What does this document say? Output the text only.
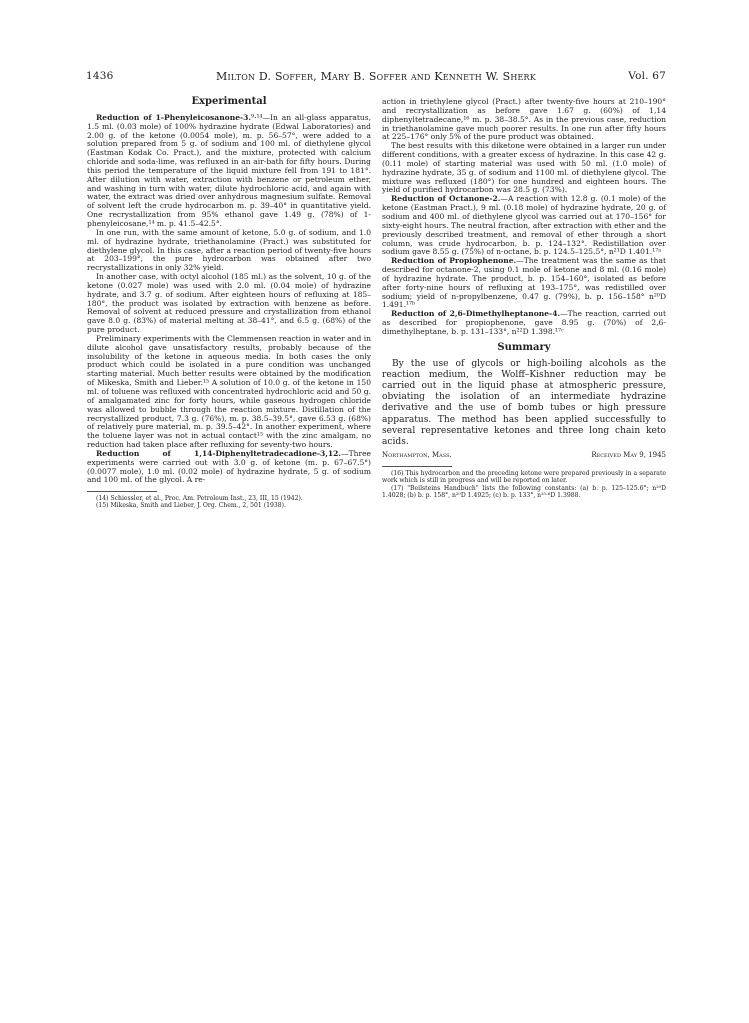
1436	Milton D. Soffer, Mary B. Soffer and Kenneth W. Sherk	Vol. 67
Experimental

Reduction of 1-Phenyleicosanone-3.⁹·¹⁴—In an all-glass apparatus, 1.5 ml. (0.03 mole) of 100% hydrazine hydrate (Edwal Laboratories) and 2.00 g. of the ketone (0.0054 mole), m. p. 56–57°, were added to a solution prepared from 5 g. of sodium and 100 ml. of diethylene glycol (Eastman Kodak Co. Pract.), and the mixture, protected with calcium chloride and soda-lime, was refluxed in an air-bath for fifty hours. During this period the temperature of the liquid mixture fell from 191 to 181°. After dilution with water, extraction with benzene or petroleum ether, and washing in turn with water, dilute hydrochloric acid, and again with water, the extract was dried over anhydrous magnesium sulfate. Removal of solvent left the crude hydrocarbon m. p. 39–40° in quantitative yield. One recrystallization from 95% ethanol gave 1.49 g. (78%) of 1-phenyleicosane,¹⁴ m. p. 41.5–42.5°.

In one run, with the same amount of ketone, 5.0 g. of sodium, and 1.0 ml. of hydrazine hydrate, triethanolamine (Pract.) was substituted for diethylene glycol. In this case, after a reaction period of twenty-five hours at 203–199°, the pure hydrocarbon was obtained after two recrystallizations in only 32% yield.

In another case, with octyl alcohol (185 ml.) as the solvent, 10 g. of the ketone (0.027 mole) was used with 2.0 ml. (0.04 mole) of hydrazine hydrate, and 3.7 g. of sodium. After eighteen hours of refluxing at 185–180°, the product was isolated by extraction with benzene as before. Removal of solvent at reduced pressure and crystallization from ethanol gave 8.0 g. (83%) of material melting at 38–41°, and 6.5 g. (68%) of the pure product.

Preliminary experiments with the Clemmensen reaction in water and in dilute alcohol gave unsatisfactory results, probably because of the insolubility of the ketone in aqueous media. In both cases the only product which could be isolated in a pure condition was unchanged starting material. Much better results were obtained by the modification of Mikeska, Smith and Lieber.¹⁵ A solution of 10.0 g. of the ketone in 150 ml. of toluene was refluxed with concentrated hydrochloric acid and 50 g. of amalgamated zinc for forty hours, while gaseous hydrogen chloride was allowed to bubble through the reaction mixture. Distillation of the recrystallized product, 7.3 g. (76%), m. p. 38.5–39.5°, gave 6.53 g. (68%) of relatively pure material, m. p. 39.5–42°. In another experiment, where the toluene layer was not in actual contact¹⁵ with the zinc amalgam, no reduction had taken place after refluxing for seventy-two hours.

Reduction of 1,14-Diphenyltetradecadione-3,12.—Three experiments were carried out with 3.0 g. of ketone (m. p. 67–67.5°) (0.0077 mole), 1.0 ml. (0.02 mole) of hydrazine hydrate, 5 g. of sodium and 100 ml. of the glycol. A re-

(14) Schiessler, et al., Proc. Am. Petroleum Inst., 23, III, 15 (1942).

(15) Mikeska, Smith and Lieber, J. Org. Chem., 2, 501 (1938).

action in triethylene glycol (Pract.) after twenty-five hours at 210–190° and recrystallization as before gave 1.67 g. (60%) of 1,14 diphenyltetradecane,¹⁶ m. p. 38–38.5°. As in the previous case, reduction in triethanolamine gave much poorer results. In one run after fifty hours at 225–176° only 5% of the pure product was obtained.

The best results with this diketone were obtained in a larger run under different conditions, with a greater excess of hydrazine. In this case 42 g. (0.11 mole) of starting material was used with 50 ml. (1.0 mole) of hydrazine hydrate, 35 g. of sodium and 1100 ml. of diethylene glycol. The mixture was refluxed (180°) for one hundred and eighteen hours. The yield of purified hydrocarbon was 28.5 g. (73%).

Reduction of Octanone-2.—A reaction with 12.8 g. (0.1 mole) of the ketone (Eastman Pract.), 9 ml. (0.18 mole) of hydrazine hydrate, 20 g. of sodium and 400 ml. of diethylene glycol was carried out at 170–156° for sixty-eight hours. The neutral fraction, after extraction with ether and the previously described treatment, and removal of ether through a short column, was crude hydrocarbon, b. p. 124–132°. Redistillation over sodium gave 8.55 g. (75%) of n-octane, b. p. 124.5–125.5°, n²¹D 1.401.¹⁷ᵃ

Reduction of Propiophenone.—The treatment was the same as that described for octanone-2, using 0.1 mole of ketone and 8 ml. (0.16 mole) of hydrazine hydrate. The product, b. p. 154–160°, isolated as before after forty-nine hours of refluxing at 193–175°, was redistilled over sodium; yield of n-propylbenzene, 0.47 g. (79%), b. p. 156–158° n²⁰D 1.491.¹⁷ᵇ

Reduction of 2,6-Dimethylheptanone-4.—The reaction, carried out as described for propiophenone, gave 8.95 g. (70%) of 2,6-dimethylheptane, b. p. 131–133°, n²²D 1.398.¹⁷ᶜ

Summary

By the use of glycols or high-boiling alcohols as the reaction medium, the Wolff–Kishner reduction may be carried out in the liquid phase at atmospheric pressure, obviating the isolation of an intermediate hydrazine derivative and the use of bomb tubes or high pressure apparatus. The method has been applied successfully to several representative ketones and three long chain keto acids.

Northampton, Mass.	Received May 9, 1945

(16) This hydrocarbon and the preceding ketone were prepared previously in a separate work which is still in progress and will be reported on later.

(17) "Beilsteins Handbuch" lists the following constants: (a) b. p. 125–125.6°; n²⁰D 1.4028; (b) b. p. 158°, n²⁰D 1.4925; (c) b. p. 133°, n¹⁵·⁶D 1.3988.
